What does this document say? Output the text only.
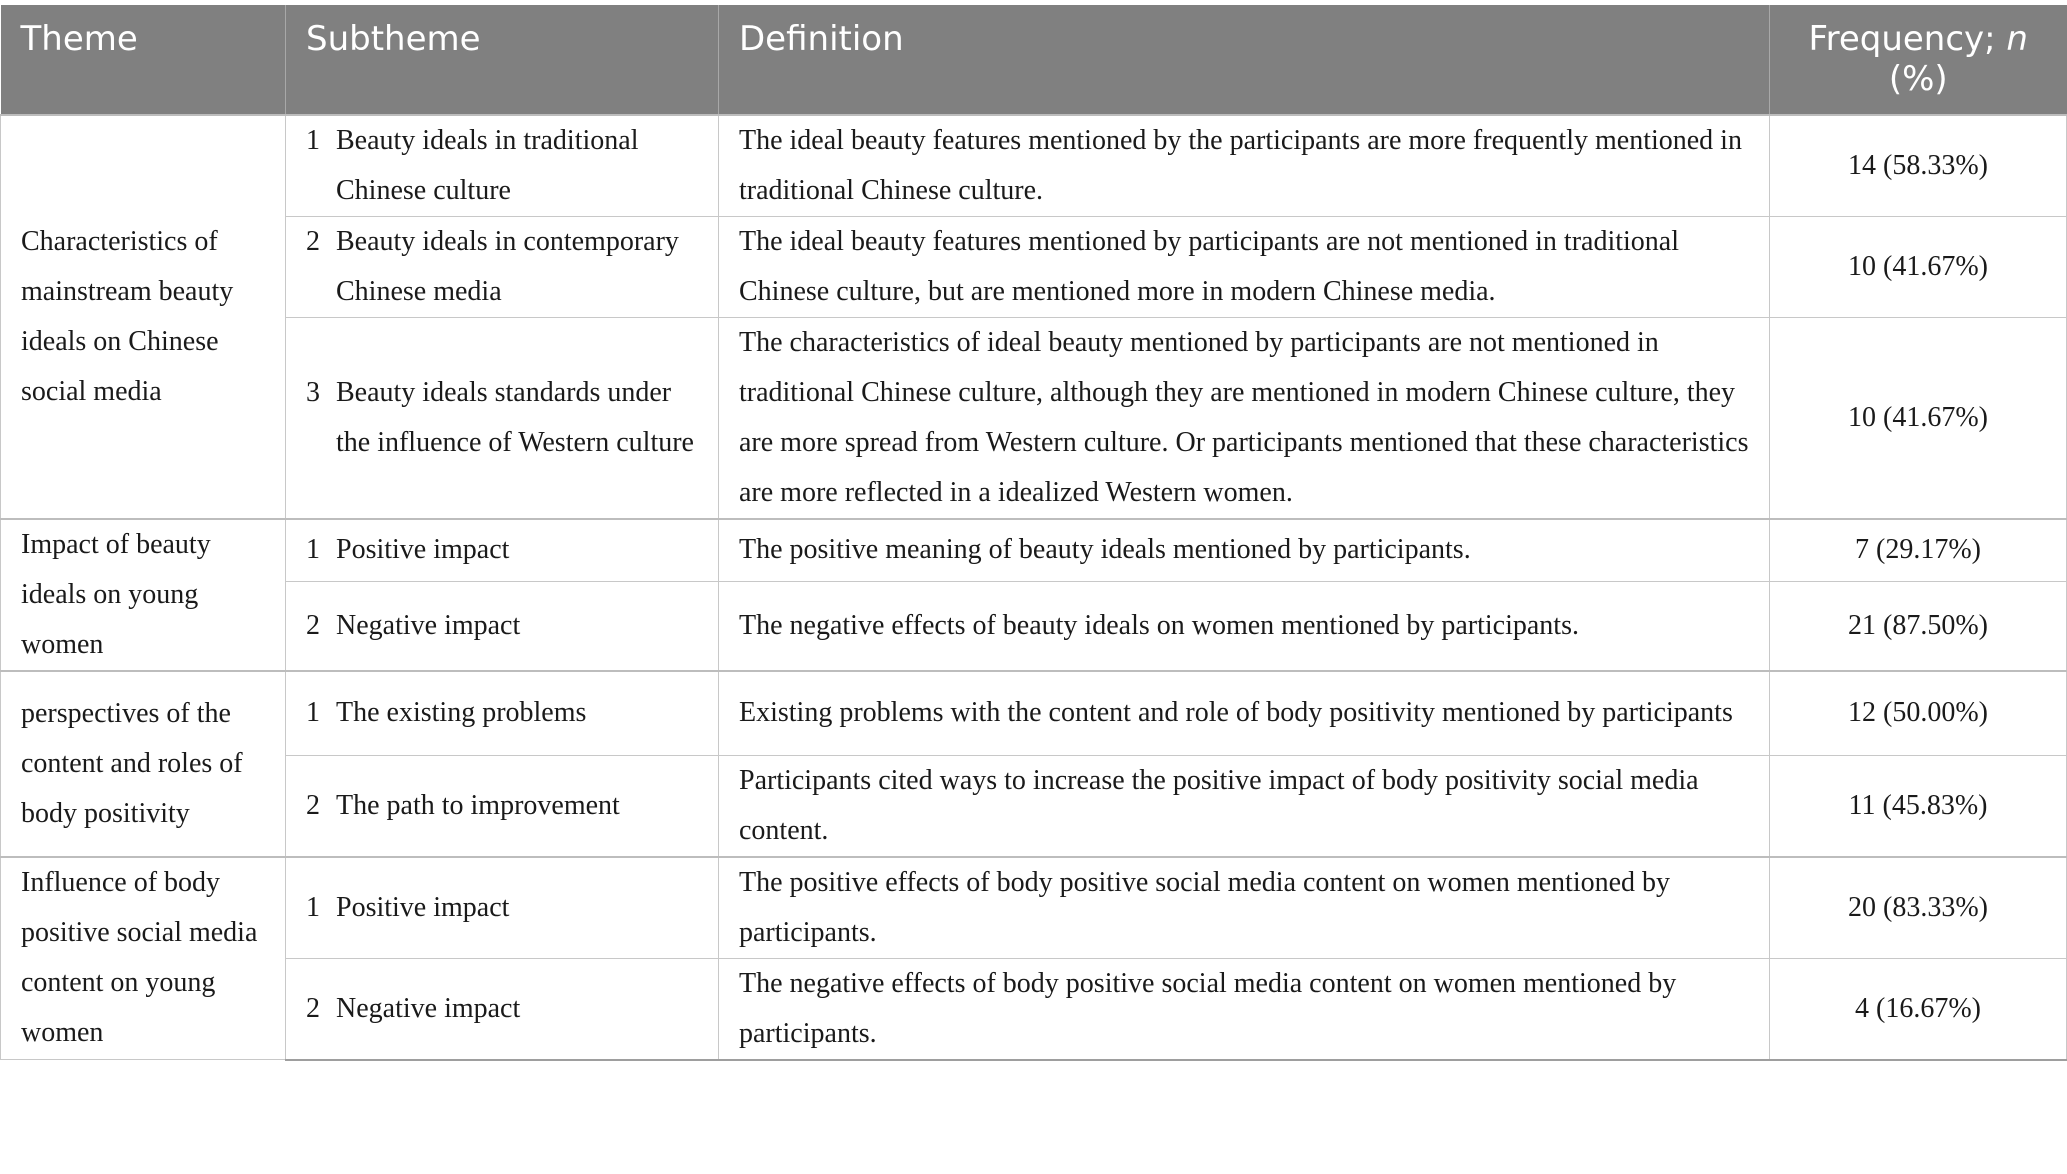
Theme	Subtheme	Definition	Frequency; n
(%)
Characteristics of mainstream beauty ideals on Chinese social media	1 Beauty ideals in traditional Chinese culture	The ideal beauty features mentioned by the participants are more frequently mentioned in traditional Chinese culture.	14 (58.33%)

	2 Beauty ideals in contemporary Chinese media	The ideal beauty features mentioned by participants are not mentioned in traditional Chinese culture, but are mentioned more in modern Chinese media.	10 (41.67%)

	3 Beauty ideals standards under the influence of Western culture	The characteristics of ideal beauty mentioned by participants are not mentioned in traditional Chinese culture, although they are mentioned in modern Chinese culture, they are more spread from Western culture. Or participants mentioned that these characteristics are more reflected in a idealized Western women.	10 (41.67%)
Impact of beauty ideals on young women	1 Positive impact	The positive meaning of beauty ideals mentioned by participants.	7 (29.17%)

	2 Negative impact	The negative effects of beauty ideals on women mentioned by participants.	21 (87.50%)
perspectives of the content and roles of body positivity	1 The existing problems	Existing problems with the content and role of body positivity mentioned by participants	12 (50.00%)

	2 The path to improvement	Participants cited ways to increase the positive impact of body positivity social media content.	11 (45.83%)
Influence of body positive social media content on young women	1 Positive impact	The positive effects of body positive social media content on women mentioned by participants.	20 (83.33%)

	2 Negative impact	The negative effects of body positive social media content on women mentioned by participants.	4 (16.67%)
